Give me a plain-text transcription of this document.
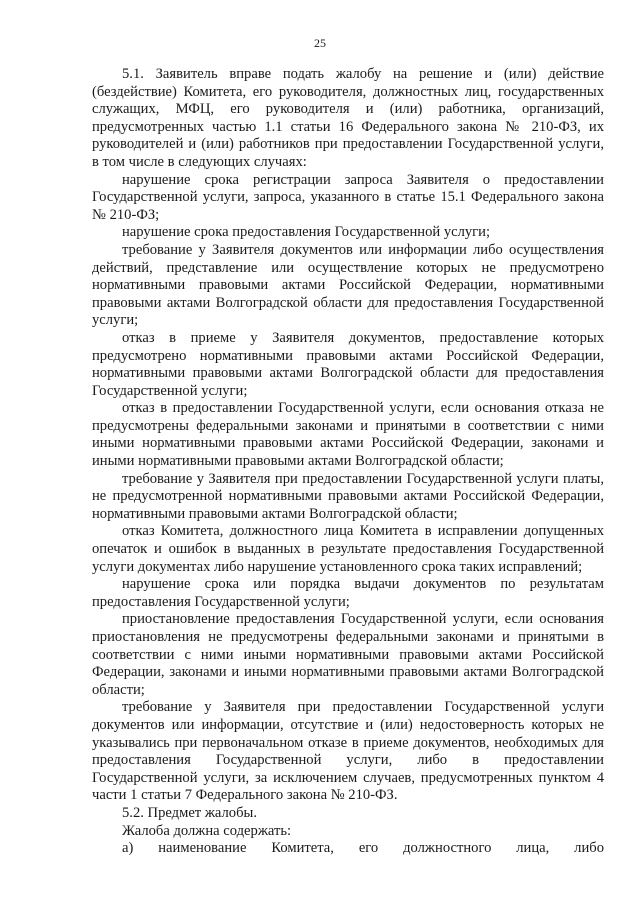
25

5.1. Заявитель вправе подать жалобу на решение и (или) действие (бездействие) Комитета, его руководителя, должностных лиц, государственных служащих, МФЦ, его руководителя и (или) работника, организаций, предусмотренных частью 1.1 статьи 16 Федерального закона № 210-ФЗ, их руководителей и (или) работников при предоставлении Государственной услуги, в том числе в следующих случаях:

нарушение срока регистрации запроса Заявителя о предоставлении Государственной услуги, запроса, указанного в статье 15.1 Федерального закона № 210-ФЗ;

нарушение срока предоставления Государственной услуги;

требование у Заявителя документов или информации либо осуществления действий, представление или осуществление которых не предусмотрено нормативными правовыми актами Российской Федерации, нормативными правовыми актами Волгоградской области для предоставления Государственной услуги;

отказ в приеме у Заявителя документов, предоставление которых предусмотрено нормативными правовыми актами Российской Федерации, нормативными правовыми актами Волгоградской области для предоставления Государственной услуги;

отказ в предоставлении Государственной услуги, если основания отказа не предусмотрены федеральными законами и принятыми в соответствии с ними иными нормативными правовыми актами Российской Федерации, законами и иными нормативными правовыми актами Волгоградской области;

требование у Заявителя при предоставлении Государственной услуги платы, не предусмотренной нормативными правовыми актами Российской Федерации, нормативными правовыми актами Волгоградской области;

отказ Комитета, должностного лица Комитета в исправлении допущенных опечаток и ошибок в выданных в результате предоставления Государственной услуги документах либо нарушение установленного срока таких исправлений;

нарушение срока или порядка выдачи документов по результатам предоставления Государственной услуги;

приостановление предоставления Государственной услуги, если основания приостановления не предусмотрены федеральными законами и принятыми в соответствии с ними иными нормативными правовыми актами Российской Федерации, законами и иными нормативными правовыми актами Волгоградской области;

требование у Заявителя при предоставлении Государственной услуги документов или информации, отсутствие и (или) недостоверность которых не указывались при первоначальном отказе в приеме документов, необходимых для предоставления Государственной услуги, либо в предоставлении Государственной услуги, за исключением случаев, предусмотренных пунктом 4 части 1 статьи 7 Федерального закона № 210-ФЗ.

5.2. Предмет жалобы.

Жалоба должна содержать:

а) наименование Комитета, его должностного лица, либо
